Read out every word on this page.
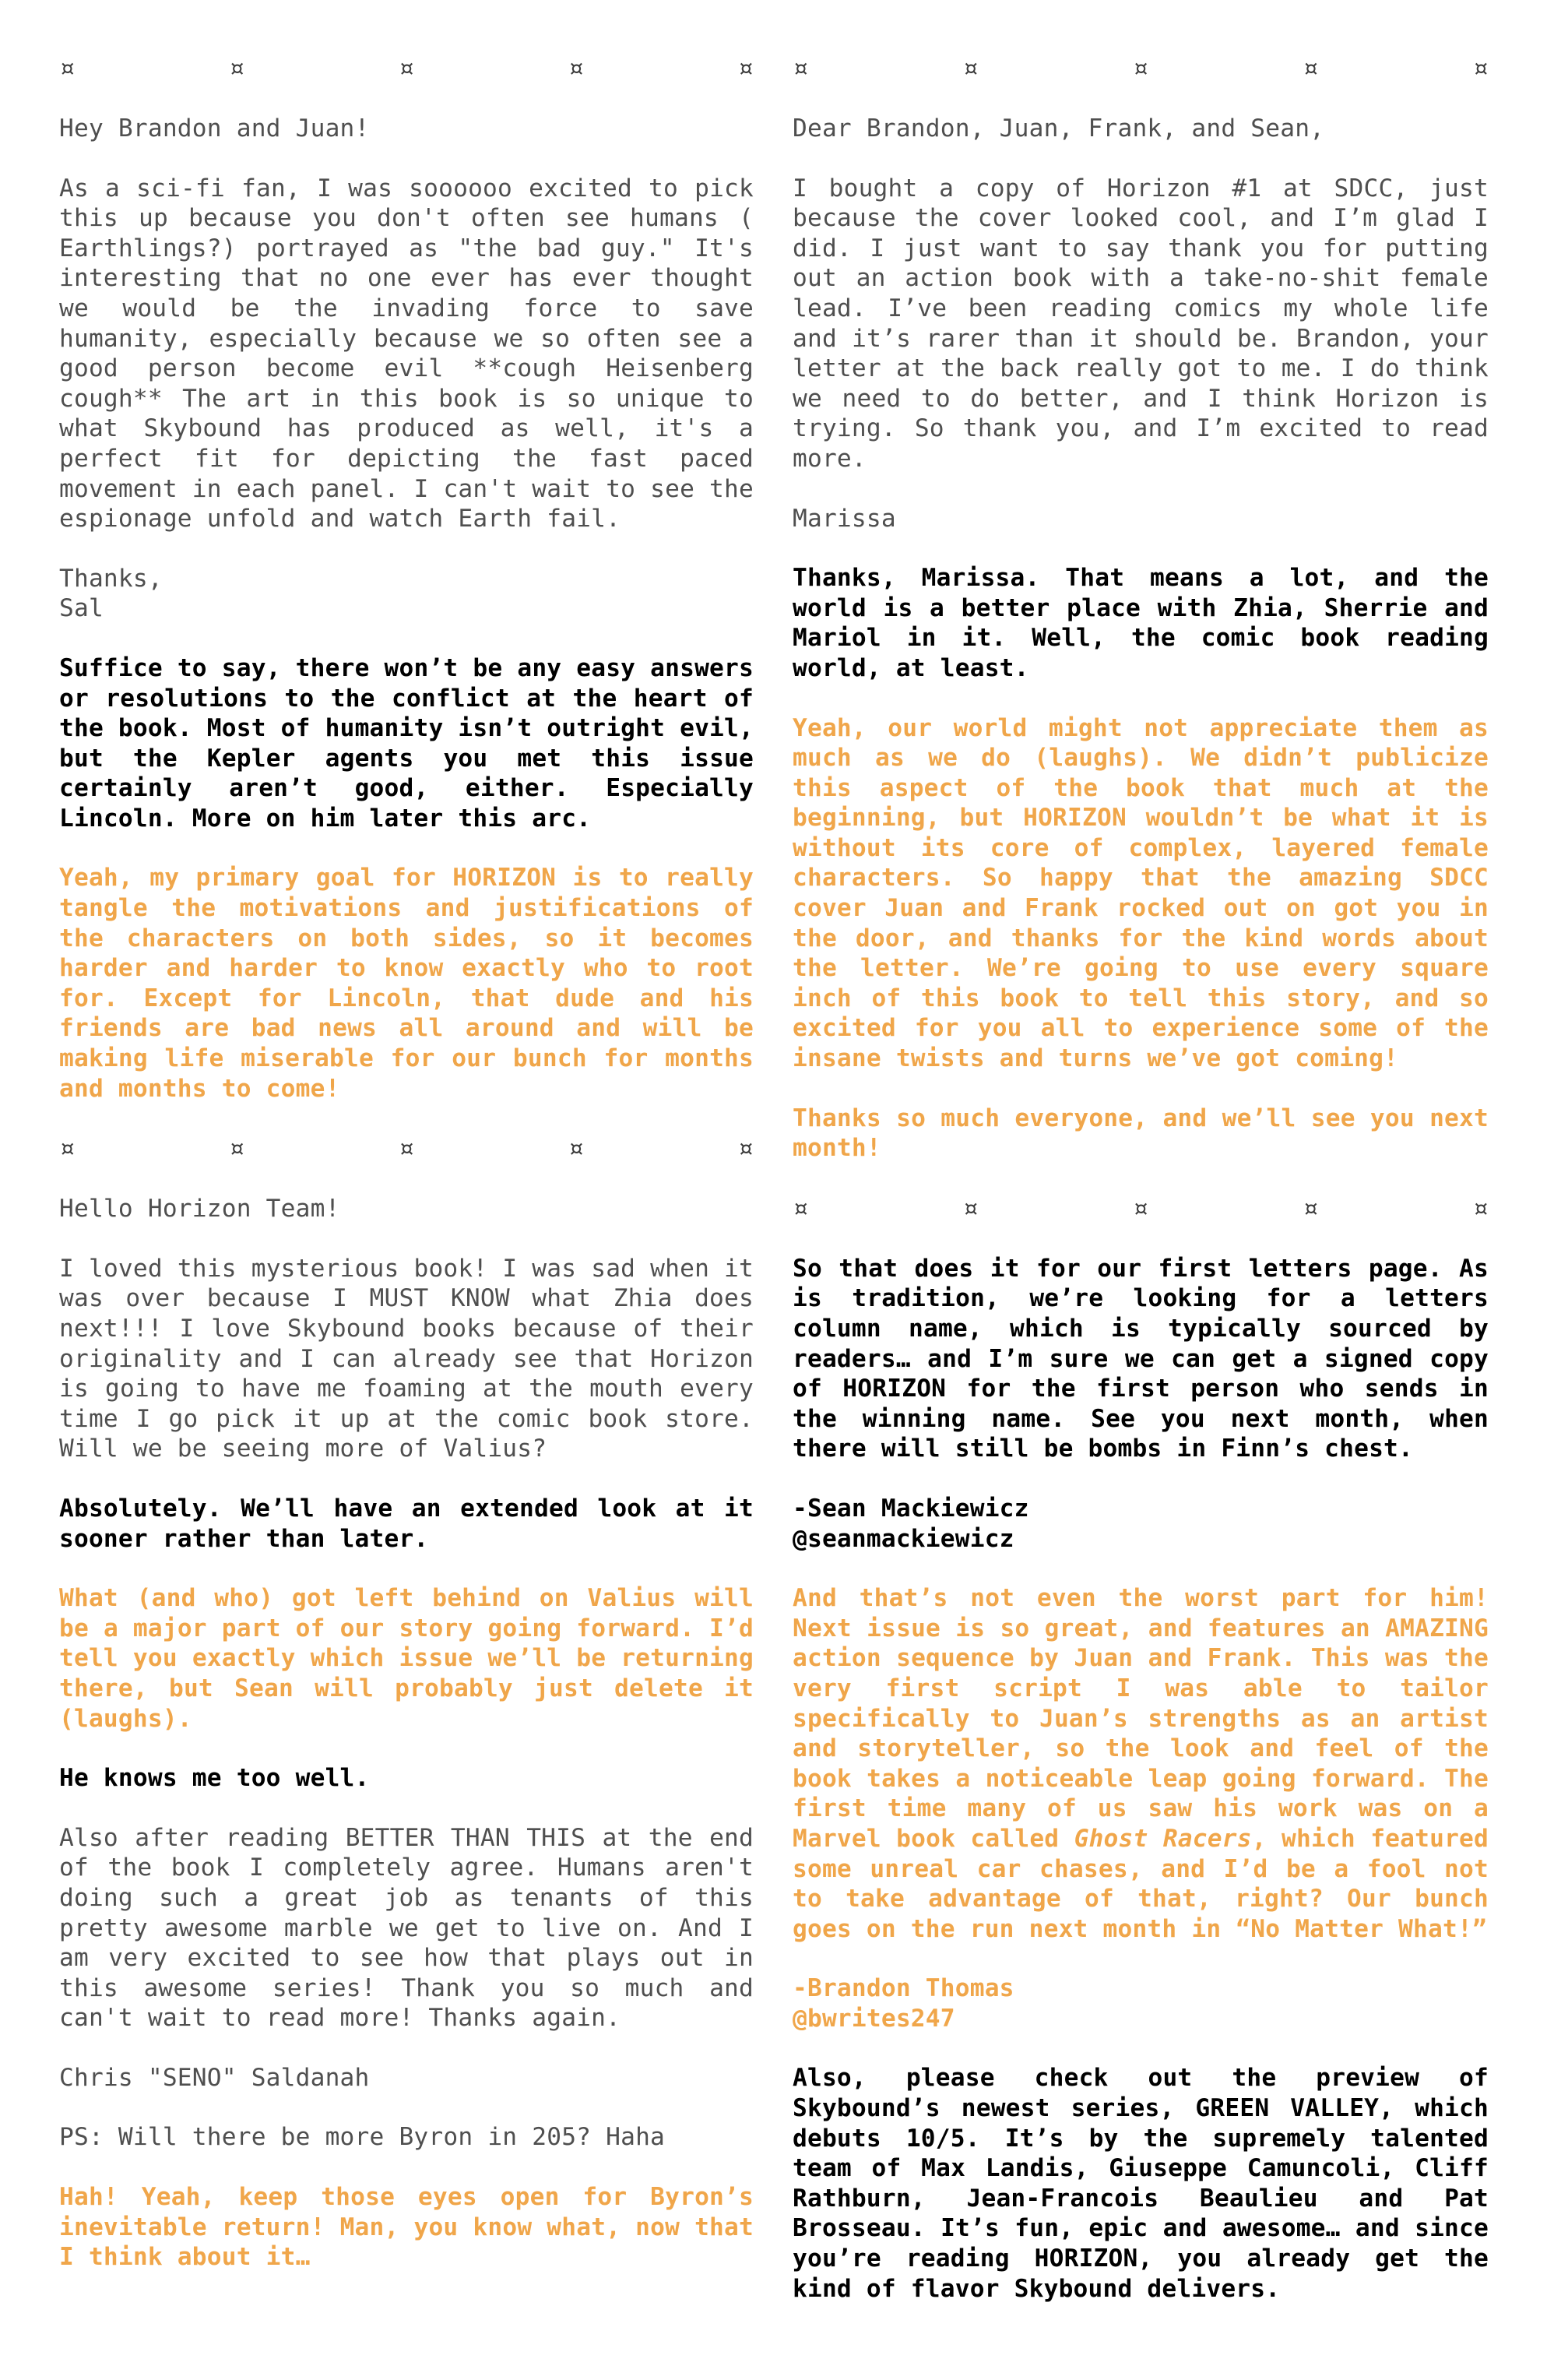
¤	¤	¤	¤	¤

Hey Brandon and Juan!

As a sci-fi fan, I was soooooo excited to pick this up because you don't often see humans ( Earthlings?) portrayed as "the bad guy." It's interesting that no one ever has ever thought we would be the invading force to save humanity, especially because we so often see a good person become evil **cough Heisenberg cough** The art in this book is so unique to what Skybound has produced as well, it's a perfect fit for depicting the fast paced movement in each panel. I can't wait to see the espionage unfold and watch Earth fail.

Thanks,
Sal

Suffice to say, there won’t be any easy answers or resolutions to the conflict at the heart of the book. Most of humanity isn’t outright evil, but the Kepler agents you met this issue certainly aren’t good, either. Especially Lincoln. More on him later this arc.

Yeah, my primary goal for HORIZON is to really tangle the motivations and justifications of the characters on both sides, so it becomes harder and harder to know exactly who to root for. Except for Lincoln, that dude and his friends are bad news all around and will be making life miserable for our bunch for months and months to come!

¤	¤	¤	¤	¤

Hello Horizon Team!

I loved this mysterious book! I was sad when it was over because I MUST KNOW what Zhia does next!!! I love Skybound books because of their originality and I can already see that Horizon is going to have me foaming at the mouth every time I go pick it up at the comic book store. Will we be seeing more of Valius?

Absolutely. We’ll have an extended look at it sooner rather than later.

What (and who) got left behind on Valius will be a major part of our story going forward. I’d tell you exactly which issue we’ll be returning there, but Sean will probably just delete it (laughs).

He knows me too well.

Also after reading BETTER THAN THIS at the end of the book I completely agree. Humans aren't doing such a great job as tenants of this pretty awesome marble we get to live on. And I am very excited to see how that plays out in this awesome series! Thank you so much and can't wait to read more! Thanks again.

Chris "SENO" Saldanah

PS: Will there be more Byron in 205? Haha

Hah! Yeah, keep those eyes open for Byron’s inevitable return! Man, you know what, now that I think about it…

¤	¤	¤	¤	¤

Dear Brandon, Juan, Frank, and Sean,

I bought a copy of Horizon #1 at SDCC, just because the cover looked cool, and I’m glad I did. I just want to say thank you for putting out an action book with a take-no-shit female lead. I’ve been reading comics my whole life and it’s rarer than it should be. Brandon, your letter at the back really got to me. I do think we need to do better, and I think Horizon is trying. So thank you, and I’m excited to read more.

Marissa

Thanks, Marissa. That means a lot, and the world is a better place with Zhia, Sherrie and Mariol in it. Well, the comic book reading world, at least.

Yeah, our world might not appreciate them as much as we do (laughs). We didn’t publicize this aspect of the book that much at the beginning, but HORIZON wouldn’t be what it is without its core of complex, layered female characters. So happy that the amazing SDCC cover Juan and Frank rocked out on got you in the door, and thanks for the kind words about the letter. We’re going to use every square inch of this book to tell this story, and so excited for you all to experience some of the insane twists and turns we’ve got coming!

Thanks so much everyone, and we’ll see you next month!

¤	¤	¤	¤	¤

So that does it for our first letters page. As is tradition, we’re looking for a letters column name, which is typically sourced by readers… and I’m sure we can get a signed copy of HORIZON for the first person who sends in the winning name. See you next month, when there will still be bombs in Finn’s chest.

-Sean Mackiewicz
@seanmackiewicz

And that’s not even the worst part for him! Next issue is so great, and features an AMAZING action sequence by Juan and Frank. This was the very first script I was able to tailor specifically to Juan’s strengths as an artist and storyteller, so the look and feel of the book takes a noticeable leap going forward. The first time many of us saw his work was on a Marvel book called Ghost Racers, which featured some unreal car chases, and I’d be a fool not to take advantage of that, right? Our bunch goes on the run next month in “No Matter What!”

-Brandon Thomas
@bwrites247

Also, please check out the preview of Skybound’s newest series, GREEN VALLEY, which debuts 10/5. It’s by the supremely talented team of Max Landis, Giuseppe Camuncoli, Cliff Rathburn, Jean-Francois Beaulieu and Pat Brosseau. It’s fun, epic and awesome… and since you’re reading HORIZON, you already get the kind of flavor Skybound delivers.
